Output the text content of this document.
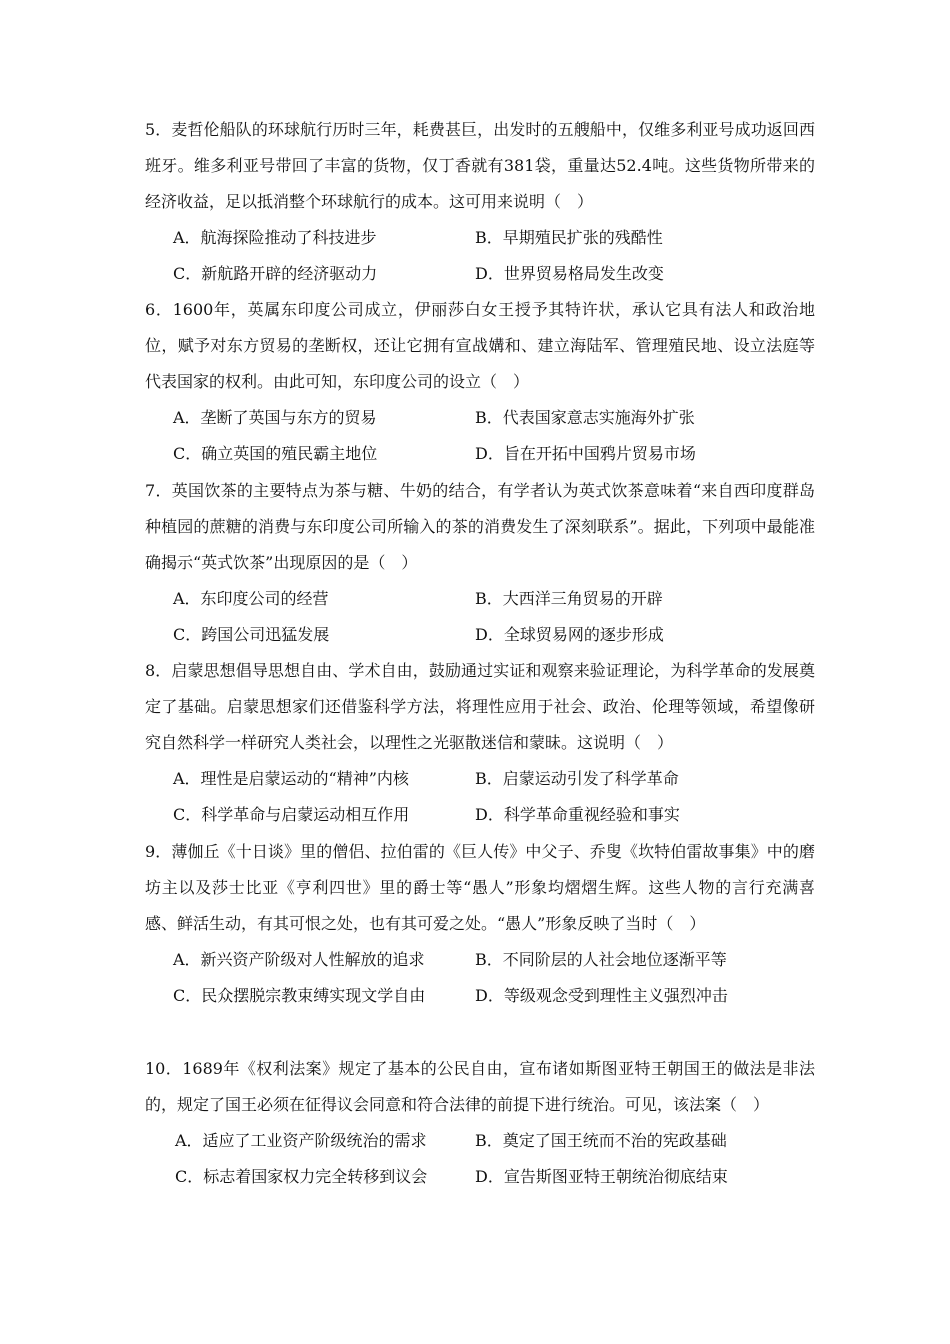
5．麦哲伦船队的环球航行历时三年，耗费甚巨，出发时的五艘船中，仅维多利亚号成功返回西班牙。维多利亚号带回了丰富的货物，仅丁香就有381袋，重量达52.4吨。这些货物所带来的经济收益，足以抵消整个环球航行的成本。这可用来说明（　）

A．航海探险推动了科技进步	B．早期殖民扩张的残酷性
C．新航路开辟的经济驱动力	D．世界贸易格局发生改变

6．1600年，英属东印度公司成立，伊丽莎白女王授予其特许状，承认它具有法人和政治地位，赋予对东方贸易的垄断权，还让它拥有宣战媾和、建立海陆军、管理殖民地、设立法庭等代表国家的权利。由此可知，东印度公司的设立（　）

A．垄断了英国与东方的贸易	B．代表国家意志实施海外扩张
C．确立英国的殖民霸主地位	D．旨在开拓中国鸦片贸易市场

7．英国饮茶的主要特点为茶与糖、牛奶的结合，有学者认为英式饮茶意味着“来自西印度群岛种植园的蔗糖的消费与东印度公司所输入的茶的消费发生了深刻联系”。据此，下列项中最能准确揭示“英式饮茶”出现原因的是（　）

A．东印度公司的经营	B．大西洋三角贸易的开辟
C．跨国公司迅猛发展	D．全球贸易网的逐步形成

8．启蒙思想倡导思想自由、学术自由，鼓励通过实证和观察来验证理论，为科学革命的发展奠定了基础。启蒙思想家们还借鉴科学方法，将理性应用于社会、政治、伦理等领域，希望像研究自然科学一样研究人类社会，以理性之光驱散迷信和蒙昧。这说明（　）

A．理性是启蒙运动的“精神”内核	B．启蒙运动引发了科学革命
C．科学革命与启蒙运动相互作用	D．科学革命重视经验和事实

9．薄伽丘《十日谈》里的僧侣、拉伯雷的《巨人传》中父子、乔叟《坎特伯雷故事集》中的磨坊主以及莎士比亚《亨利四世》里的爵士等“愚人”形象均熠熠生辉。这些人物的言行充满喜感、鲜活生动，有其可恨之处，也有其可爱之处。“愚人”形象反映了当时（　）

A．新兴资产阶级对人性解放的追求	B．不同阶层的人社会地位逐渐平等
C．民众摆脱宗教束缚实现文学自由	D．等级观念受到理性主义强烈冲击

10．1689年《权利法案》规定了基本的公民自由，宣布诸如斯图亚特王朝国王的做法是非法的，规定了国王必须在征得议会同意和符合法律的前提下进行统治。可见，该法案（　）

A．适应了工业资产阶级统治的需求	B．奠定了国王统而不治的宪政基础
C．标志着国家权力完全转移到议会	D．宣告斯图亚特王朝统治彻底结束
